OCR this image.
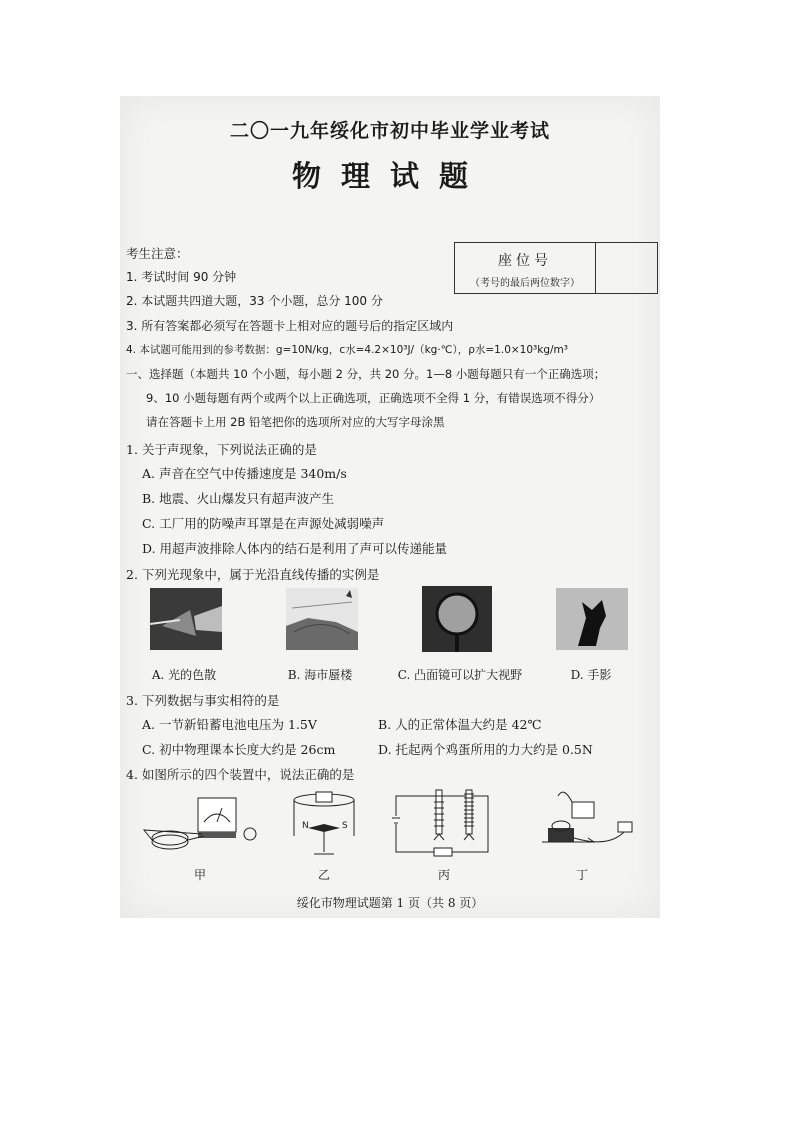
二〇一九年绥化市初中毕业学业考试
物理试题
考生注意：	座位号
（考号的最后两位数字）
1. 考试时间 90 分钟
2. 本试题共四道大题，33 个小题，总分 100 分
3. 所有答案都必须写在答题卡上相对应的题号后的指定区域内
4. 本试题可能用到的参考数据：g=10N/kg，c水=4.2×10³J/（kg·℃），ρ水=1.0×10³kg/m³
一、选择题（本题共 10 个小题，每小题 2 分，共 20 分。1—8 小题每题只有一个正确选项；
9、10 小题每题有两个或两个以上正确选项，正确选项不全得 1 分，有错误选项不得分）
请在答题卡上用 2B 铅笔把你的选项所对应的大写字母涂黑
1. 关于声现象，下列说法正确的是
A. 声音在空气中传播速度是 340m/s
B. 地震、火山爆发只有超声波产生
C. 工厂用的防噪声耳罩是在声源处减弱噪声
D. 用超声波排除人体内的结石是利用了声可以传递能量
2. 下列光现象中，属于光沿直线传播的实例是
A. 光的色散	B. 海市蜃楼	C. 凸面镜可以扩大视野	D. 手影
3. 下列数据与事实相符的是
A. 一节新铅蓄电池电压为 1.5V	B. 人的正常体温大约是 42℃
C. 初中物理课本长度大约是 26cm	D. 托起两个鸡蛋所用的力大约是 0.5N
4. 如图所示的四个装置中，说法正确的是
N	S
甲	乙	丙	丁
绥化市物理试题第 1 页（共 8 页）
